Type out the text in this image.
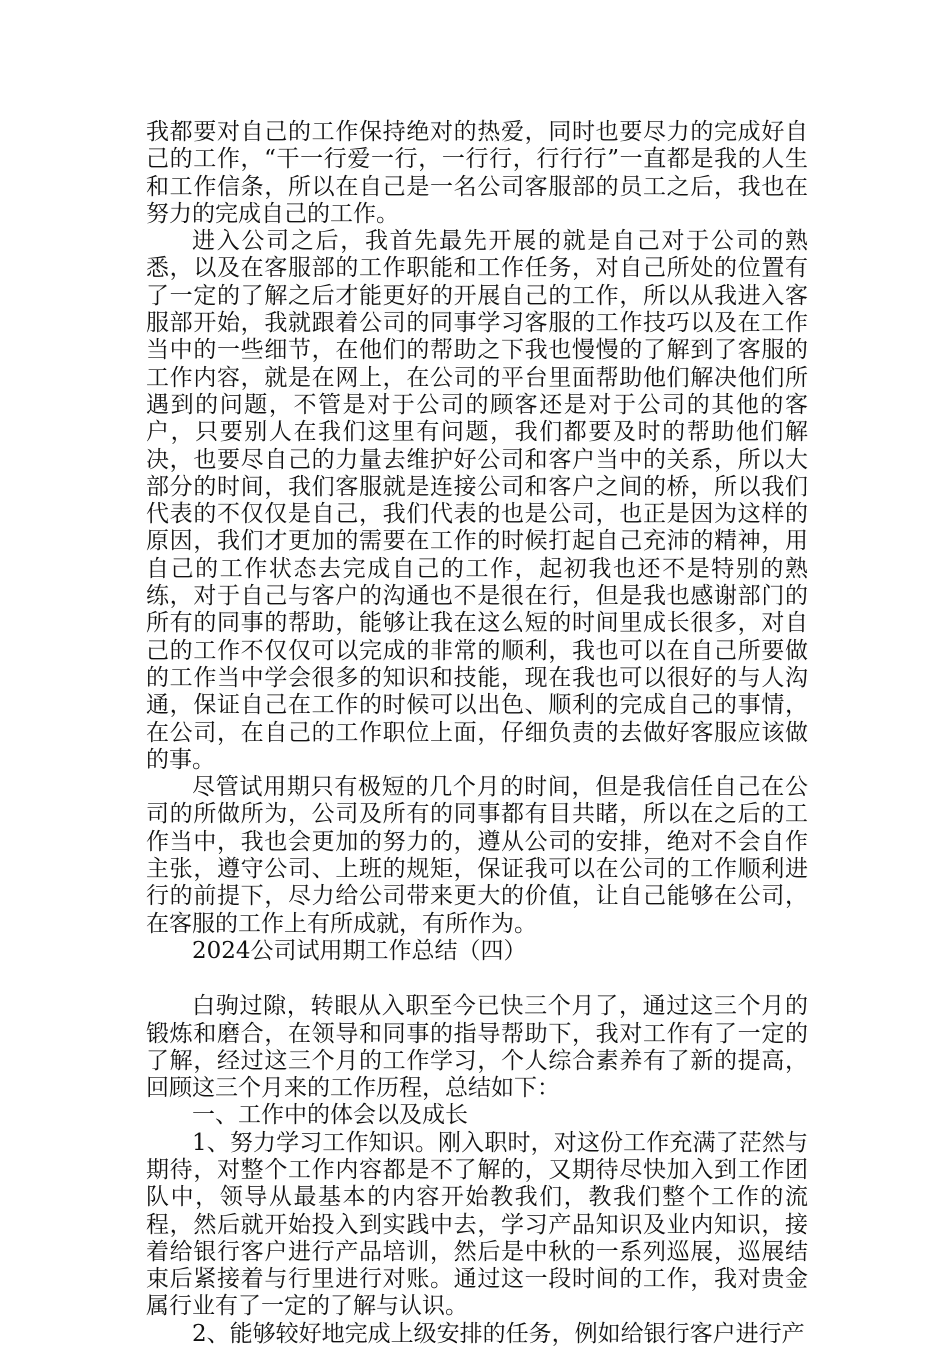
我都要对自己的工作保持绝对的热爱，同时也要尽力的完成好自己的工作，“干一行爱一行，一行行，行行行”一直都是我的人生和工作信条，所以在自己是一名公司客服部的员工之后，我也在努力的完成自己的工作。

进入公司之后，我首先最先开展的就是自己对于公司的熟悉，以及在客服部的工作职能和工作任务，对自己所处的位置有了一定的了解之后才能更好的开展自己的工作，所以从我进入客服部开始，我就跟着公司的同事学习客服的工作技巧以及在工作当中的一些细节，在他们的帮助之下我也慢慢的了解到了客服的工作内容，就是在网上，在公司的平台里面帮助他们解决他们所遇到的问题，不管是对于公司的顾客还是对于公司的其他的客户，只要别人在我们这里有问题，我们都要及时的帮助他们解决，也要尽自己的力量去维护好公司和客户当中的关系，所以大部分的时间，我们客服就是连接公司和客户之间的桥，所以我们代表的不仅仅是自己，我们代表的也是公司，也正是因为这样的原因，我们才更加的需要在工作的时候打起自己充沛的精神，用自己的工作状态去完成自己的工作，起初我也还不是特别的熟练，对于自己与客户的沟通也不是很在行，但是我也感谢部门的所有的同事的帮助，能够让我在这么短的时间里成长很多，对自己的工作不仅仅可以完成的非常的顺利，我也可以在自己所要做的工作当中学会很多的知识和技能，现在我也可以很好的与人沟通，保证自己在工作的时候可以出色、顺利的完成自己的事情，在公司，在自己的工作职位上面，仔细负责的去做好客服应该做的事。

尽管试用期只有极短的几个月的时间，但是我信任自己在公司的所做所为，公司及所有的同事都有目共睹，所以在之后的工作当中，我也会更加的努力的，遵从公司的安排，绝对不会自作主张，遵守公司、上班的规矩，保证我可以在公司的工作顺利进行的前提下，尽力给公司带来更大的价值，让自己能够在公司，在客服的工作上有所成就，有所作为。

2024公司试用期工作总结（四）

白驹过隙，转眼从入职至今已快三个月了，通过这三个月的锻炼和磨合，在领导和同事的指导帮助下，我对工作有了一定的了解，经过这三个月的工作学习，个人综合素养有了新的提高，回顾这三个月来的工作历程，总结如下：

一、工作中的体会以及成长

1、努力学习工作知识。刚入职时，对这份工作充满了茫然与期待，对整个工作内容都是不了解的，又期待尽快加入到工作团队中，领导从最基本的内容开始教我们，教我们整个工作的流程，然后就开始投入到实践中去，学习产品知识及业内知识，接着给银行客户进行产品培训，然后是中秋的一系列巡展，巡展结束后紧接着与行里进行对账。通过这一段时间的工作，我对贵金属行业有了一定的了解与认识。

2、能够较好地完成上级安排的任务，例如给银行客户进行产
